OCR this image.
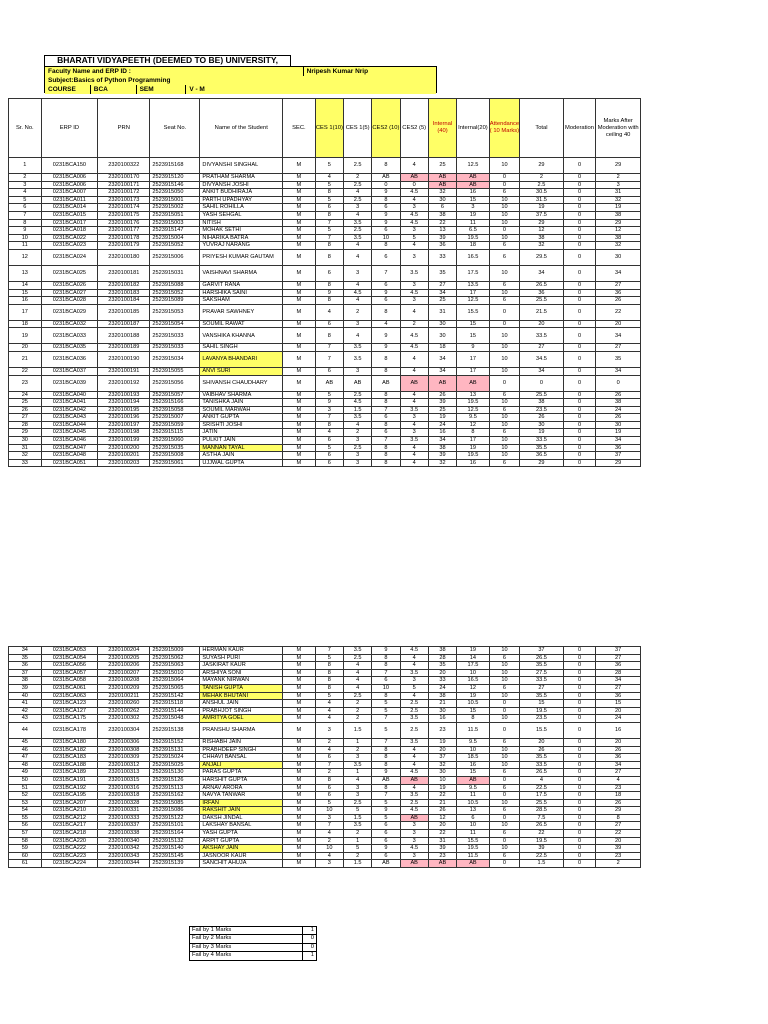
BHARATI VIDYAPEETH (DEEMED TO BE) UNIVERSITY,
Faculty Name and ERP ID :	Nripesh Kumar Nrip
Subject:Basics of Python Programming
COURSE	BCA	SEM	V - M
Sr. No.	ERP ID	PRN	Seat No.	Name of the Student	SEC.	CES 1(10)	CES 1(5)	CES2 (10)	CES2 (5)	Internal (40)	Internal(20)	Attendance ( 10 Marks)	Total	Moderation	Marks After Moderation with ceiling 40
1	0231BCA150	2320100322	2523915168	DIVYANSHI SINGHAL	M	5	2.5	8	4	25	12.5	10	29	0	29
2	0231BCA006	2320100170	2523915120	PRATHAM SHARMA	M	4	2	AB	AB	AB	AB	0	2	0	2
3	0231BCA006	2320100171	2523915146	DIVYANSH JOSHI	M	5	2.5	0	0	AB	AB	0	2.5	0	3
4	0231BCA007	2320100172	2523915050	ANKIT BUDHIRAJA	M	8	4	9	4.5	32	16	6	30.5	0	31
5	0231BCA011	2320100173	2523915001	PARTH UPADHYAY	M	5	2.5	8	4	30	15	10	31.5	0	32
6	0231BCA014	2320100174	2523915002	SAHIL ROHILLA	M	6	3	6	3	6	3	10	19	0	19
7	0231BCA015	2320100175	2523915051	YASH SEHGAL	M	8	4	9	4.5	38	19	10	37.5	0	38
8	0231BCA017	2320100176	2523915003	NITISH	M	7	3.5	9	4.5	22	11	10	29	0	29
9	0231BCA018	2320100177	2523915147	MOHAK SETHI	M	5	2.5	6	3	13	6.5	0	12	0	12
10	0231BCA022	2320100178	2523915004	NIHARIKA BATRA	M	7	3.5	10	5	39	19.5	10	38	0	38
11	0231BCA023	2320100179	2523915052	YUVRAJ NARANG	M	8	4	8	4	36	18	6	32	0	32
12	0231BCA024	2320100180	2523915006	PRIYESH KUMAR GAUTAM	M	8	4	6	3	33	16.5	6	29.5	0	30
13	0231BCA025	2320100181	2523915031	VAISHNAVI SHARMA	M	6	3	7	3.5	35	17.5	10	34	0	34
14	0231BCA026	2320100182	2523915088	GARVIT RANA	M	8	4	6	3	27	13.5	6	26.5	0	27
15	0231BCA027	2320100183	2523915052	HARSHIKA SAINI	M	9	4.5	9	4.5	34	17	10	36	0	36
16	0231BCA028	2320100184	2523915089	SAKSHAM	M	8	4	6	3	25	12.5	6	25.5	0	26
17	0231BCA029	2320100185	2523915053	PRAVAR SAWHNEY	M	4	2	8	4	31	15.5	0	21.5	0	22
18	0231BCA032	2320100187	2523915054	SOUMIL RAWAT	M	6	3	4	2	30	15	0	20	0	20
19	0231BCA033	2320100188	2523915033	VANSHIKA KHANNA	M	8	4	9	4.5	30	15	10	33.5	0	34
20	0231BCA035	2320100189	2523915033	SAHIL SINGH	M	7	3.5	9	4.5	18	9	10	27	0	27
21	0231BCA036	2320100190	2523915034	LAVANYA BHANDARI	M	7	3.5	8	4	34	17	10	34.5	0	35
22	0231BCA037	2320100191	2523915055	ANVI SURI	M	6	3	8	4	34	17	10	34	0	34
23	0231BCA039	2320100192	2523915056	SHIVANSH CHAUDHARY	M	AB	AB	AB	AB	AB	AB	0	0	0	0
24	0231BCA040	2320100193	2523915057	VAIBHAV SHARMA	M	5	2.5	8	4	26	13	6	25.5	0	26
25	0231BCA041	2320100194	2523915166	TANISHKA JAIN	M	9	4.5	8	4	39	19.5	10	38	0	38
26	0231BCA042	2320100195	2523915058	SOUMIL MARWAH	M	3	1.5	7	3.5	25	12.5	6	23.5	0	24
27	0231BCA043	2320100196	2523915007	ANKIT GUPTA	M	7	3.5	6	3	19	9.5	10	26	0	26
28	0231BCA044	2320100197	2523915059	SRISHTI JOSHI	M	8	4	8	4	24	12	10	30	0	30
29	0231BCA045	2320100198	2523915115	JATIN	M	4	2	6	3	16	8	6	19	0	19
30	0231BCA046	2320100199	2523915060	PULKIT JAIN	M	6	3	7	3.5	34	17	10	33.5	0	34
31	0231BCA047	2320100200	2523915035	MANNAN TAYAL	M	5	2.5	8	4	38	19	10	35.5	0	36
32	0231BCA048	2320100201	2523915008	ASTHA JAIN	M	6	3	8	4	39	19.5	10	36.5	0	37
33	0231BCA051	2320100203	2523915061	UJJWAL GUPTA	M	6	3	8	4	32	16	6	29	0	29
34	0231BCA053	2320100204	2523915009	HERMAN KAUR	M	7	3.5	9	4.5	38	19	10	37	0	37
35	0231BCA054	2320100205	2523915062	SUYASH PURI	M	5	2.5	8	4	28	14	6	26.5	0	27
36	0231BCA056	2320100206	2523915063	JASKIRAT KAUR	M	8	4	8	4	35	17.5	10	35.5	0	36
37	0231BCA057	2320100207	2523915010	ARSHIYA SONI	M	8	4	7	3.5	20	10	10	27.5	0	28
38	0231BCA058	2320100208	2523915064	MAYANK NIRWAN	M	8	4	6	3	33	16.5	10	33.5	0	34
39	0231BCA061	2320100209	2523915065	TANISH GUPTA	M	8	4	10	5	24	12	6	27	0	27
40	0231BCA063	2320100211	2523915142	MEHAK BHUTANI	M	5	2.5	8	4	38	19	10	35.5	0	36
41	0231BCA123	2320100260	2523915118	ANSHUL JAIN	M	4	2	5	2.5	21	10.5	0	15	0	15
42	0231BCA127	2320100262	2523915144	PRABHJOT SINGH	M	4	2	5	2.5	30	15	0	19.5	0	20
43	0231BCA175	2320100302	2523915048	AMRITYA GOEL	M	4	2	7	3.5	16	8	10	23.5	0	24
44	0231BCA178	2320100304	2523915138	PRANSHU SHARMA	M	3	1.5	5	2.5	23	11.5	0	15.5	0	16
45	0231BCA180	2320100306	2523915152	RISHABH JAIN	M	2	1	7	3.5	19	9.5	6	20	0	20
46	0231BCA182	2320100308	2523915131	PRABHDEEP SINGH	M	4	2	8	4	20	10	10	26	0	26
47	0231BCA183	2320100309	2523915024	CHHAVI BANSAL	M	6	3	8	4	37	18.5	10	35.5	0	36
48	0231BCA188	2320100312	2523915025	ANJALI	M	7	3.5	8	4	32	16	10	33.5	0	34
49	0231BCA189	2320100313	2523915130	PARAS GUPTA	M	2	1	9	4.5	30	15	6	26.5	0	27
50	0231BCA191	2320100315	2523915126	HARSHIT GUPTA	M	8	4	AB	AB	10	AB	0	4	0	4
51	0231BCA192	2320100316	2523915113	ARNAV ARORA	M	6	3	8	4	19	9.5	6	22.5	0	23
52	0231BCA195	2320100318	2523915162	NAVYA TANWAR	M	6	3	7	3.5	22	11	0	17.5	0	18
53	0231BCA207	2320100328	2523915085	IRFAN	M	5	2.5	5	2.5	21	10.5	10	25.5	0	26
54	0231BCA210	2320100331	2523915086	RAKSHIT JAIN	M	10	5	9	4.5	26	13	6	28.5	0	29
55	0231BCA212	2320100333	2523915122	DAKSH JINDAL	M	3	1.5	5	AB	12	6	0	7.5	0	8
56	0231BCA217	2320100337	2523915101	LAKSHAY BANSAL	M	7	3.5	6	3	20	10	10	26.5	0	27
57	0231BCA218	2320100338	2523915164	YASH GUPTA	M	4	2	6	3	22	11	6	22	0	22
58	0231BCA220	2320100340	2523915132	ARPIT GUPTA	M	2	1	6	3	31	15.5	0	19.5	0	20
59	0231BCA222	2320100342	2523915140	AKSHAY JAIN	M	10	5	9	4.5	39	19.5	10	39	0	39
60	0231BCA223	2320100343	2523915145	JASNOOR KAUR	M	4	2	6	3	23	11.5	6	22.5	0	23
61	0231BCA224	2320100344	2523915139	SANCHIT AHUJA	M	3	1.5	AB	AB	AB	AB	0	1.5	0	2
Fail by 1 Marks	1
Fail by 2 Marks	0
Fail by 3 Marks	0
Fail by 4 Marks	1
